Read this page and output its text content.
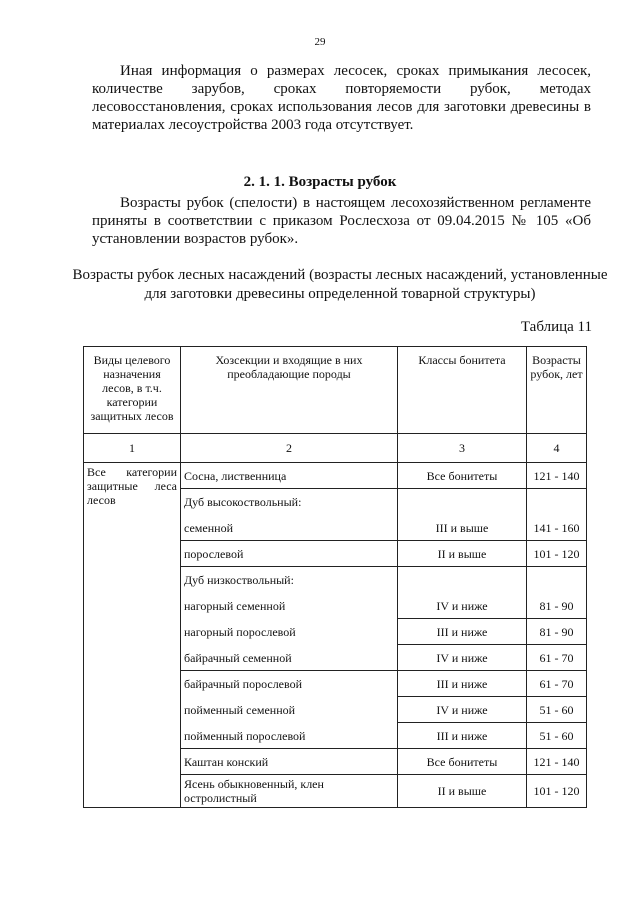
29

Иная информация о размерах лесосек, сроках примыкания лесосек, количестве зарубов, сроках повторяемости рубок, методах лесовосстановления, сроках использования лесов для заготовки древесины в материалах лесоустройства 2003 года отсутствует.

2. 1. 1. Возрасты рубок

Возрасты рубок (спелости) в настоящем лесохозяйственном регламенте приняты в соответствии с приказом Рослесхоза от 09.04.2015 № 105 «Об установлении возрастов рубок».

Возрасты рубок лесных насаждений (возрасты лесных насаждений, установленные для заготовки древесины определенной товарной структуры)
Таблица 11
Виды целевого назначения лесов, в т.ч. категории защитных лесов	Хозсекции и входящие в них преобладающие породы	Классы бонитета	Возрасты рубок, лет
1	2	3	4
Все категории защитные леса лесов	Сосна, лиственница	Все бонитеты	121 - 140
	Дуб высокоствольный:		
	семенной	III и выше	141 - 160
	порослевой	II и выше	101 - 120
	Дуб низкоствольный:		
	нагорный семенной	IV и ниже	81 - 90
	нагорный порослевой	III и ниже	81 - 90
	байрачный семенной	IV и ниже	61 - 70
	байрачный порослевой	III и ниже	61 - 70
	пойменный семенной	IV и ниже	51 - 60
	пойменный порослевой	III и ниже	51 - 60
	Каштан конский	Все бонитеты	121 - 140
	Ясень обыкновенный, клен остролистный	II и выше	101 - 120
